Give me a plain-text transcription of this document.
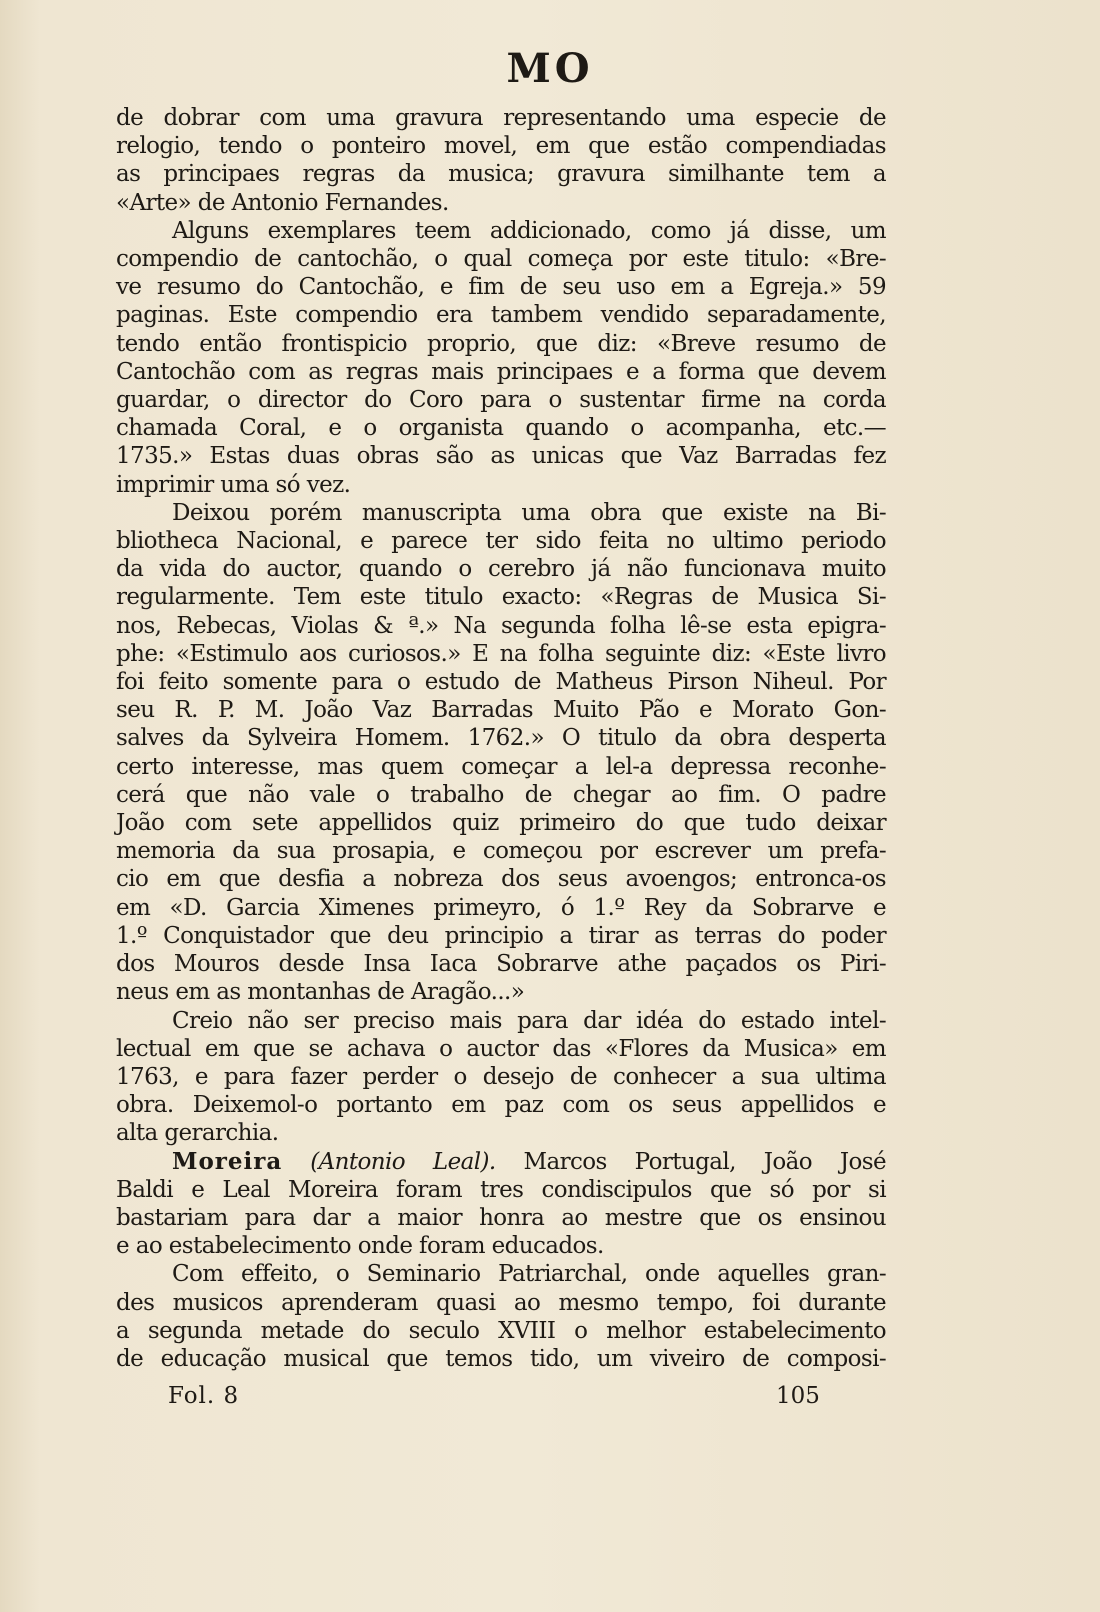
MO
de dobrar com uma gravura representando uma especie de
relogio, tendo o ponteiro movel, em que estão compendiadas
as principaes regras da musica; gravura similhante tem a
«Arte» de Antonio Fernandes.
Alguns exemplares teem addicionado, como já disse, um
compendio de cantochão, o qual começa por este titulo: «Bre-
ve resumo do Cantochão, e fim de seu uso em a Egreja.» 59
paginas. Este compendio era tambem vendido separadamente,
tendo então frontispicio proprio, que diz: «Breve resumo de
Cantochão com as regras mais principaes e a forma que devem
guardar, o director do Coro para o sustentar firme na corda
chamada Coral, e o organista quando o acompanha, etc.—
1735.» Estas duas obras são as unicas que Vaz Barradas fez
imprimir uma só vez.
Deixou porém manuscripta uma obra que existe na Bi-
bliotheca Nacional, e parece ter sido feita no ultimo periodo
da vida do auctor, quando o cerebro já não funcionava muito
regularmente. Tem este titulo exacto: «Regras de Musica Si-
nos, Rebecas, Violas & ª.» Na segunda folha lê-se esta epigra-
phe: «Estimulo aos curiosos.» E na folha seguinte diz: «Este livro
foi feito somente para o estudo de Matheus Pirson Niheul. Por
seu R. P. M. João Vaz Barradas Muito Pão e Morato Gon-
salves da Sylveira Homem. 1762.» O titulo da obra desperta
certo interesse, mas quem começar a lel-a depressa reconhe-
cerá que não vale o trabalho de chegar ao fim. O padre
João com sete appellidos quiz primeiro do que tudo deixar
memoria da sua prosapia, e começou por escrever um prefa-
cio em que desfia a nobreza dos seus avoengos; entronca-os
em «D. Garcia Ximenes primeyro, ó 1.º Rey da Sobrarve e
1.º Conquistador que deu principio a tirar as terras do poder
dos Mouros desde Insa Iaca Sobrarve athe paçados os Piri-
neus em as montanhas de Aragão...»
Creio não ser preciso mais para dar idéa do estado intel-
lectual em que se achava o auctor das «Flores da Musica» em
1763, e para fazer perder o desejo de conhecer a sua ultima
obra. Deixemol-o portanto em paz com os seus appellidos e
alta gerarchia.
Moreira (Antonio Leal). Marcos Portugal, João José
Baldi e Leal Moreira foram tres condiscipulos que só por si
bastariam para dar a maior honra ao mestre que os ensinou
e ao estabelecimento onde foram educados.
Com effeito, o Seminario Patriarchal, onde aquelles gran-
des musicos aprenderam quasi ao mesmo tempo, foi durante
a segunda metade do seculo XVIII o melhor estabelecimento
de educação musical que temos tido, um viveiro de composi-
Fol. 8	105
